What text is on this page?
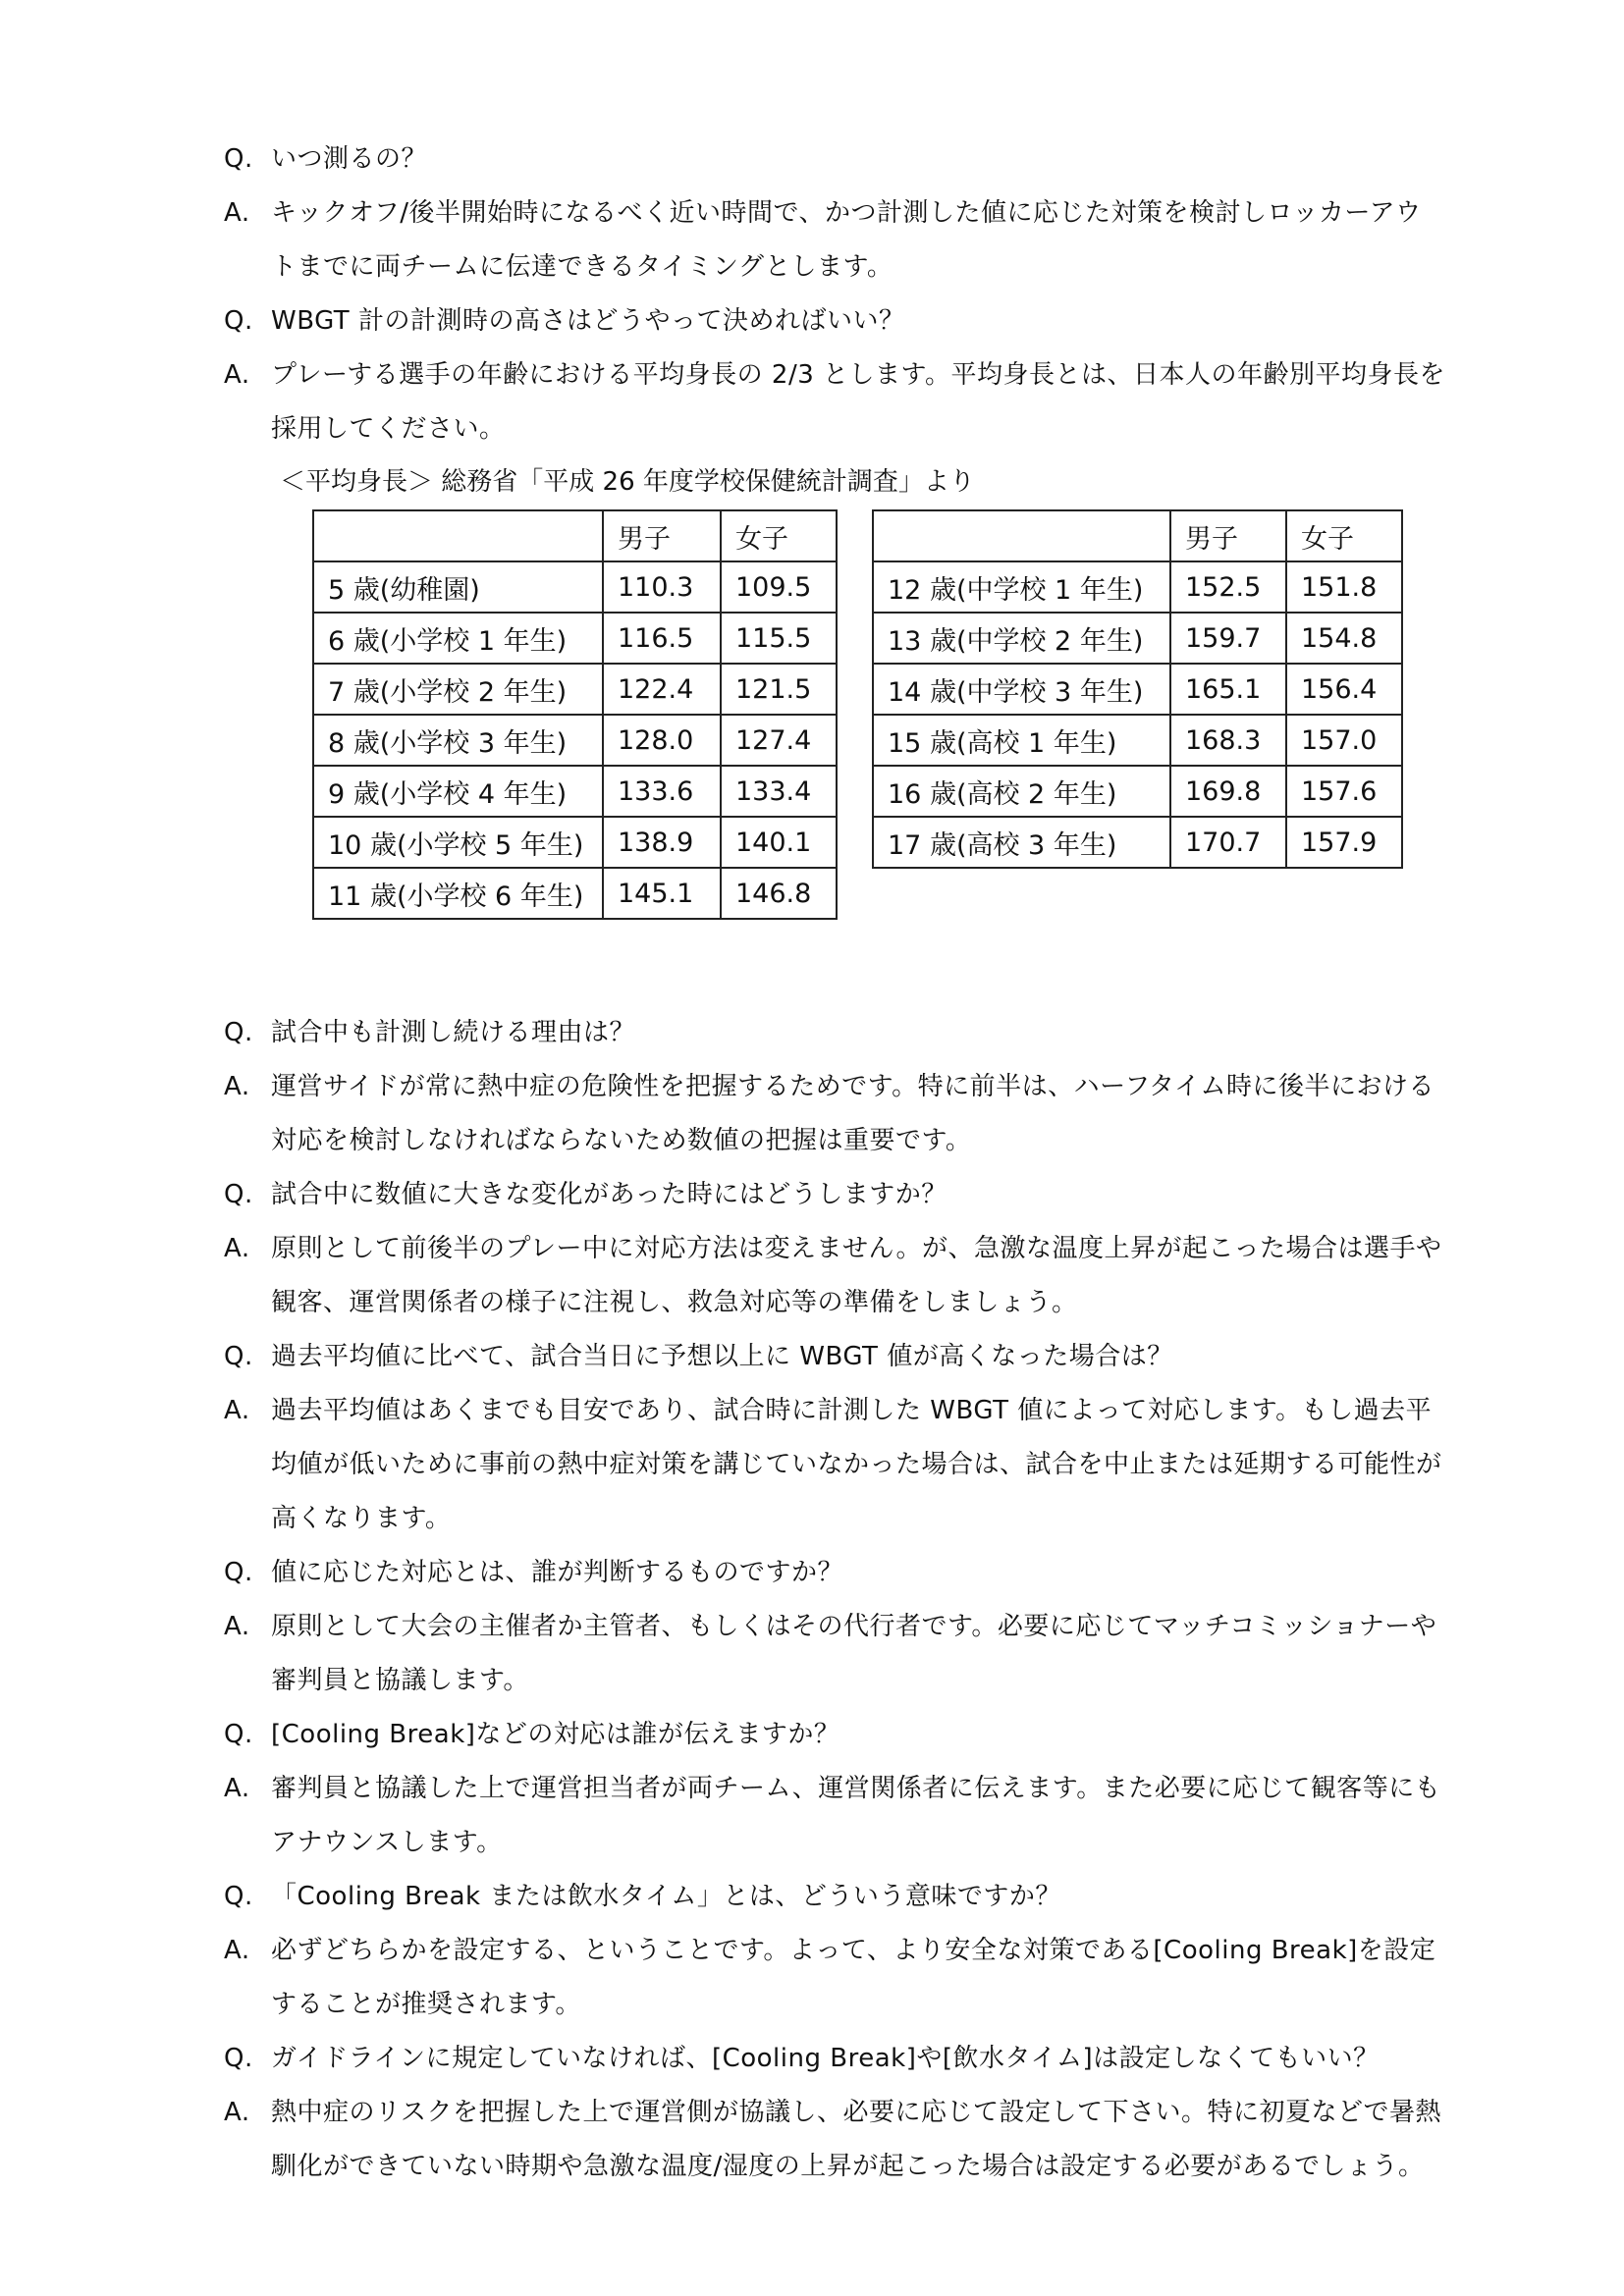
Q. いつ測るの？
A. キックオフ/後半開始時になるべく近い時間で、かつ計測した値に応じた対策を検討しロッカーアウ
トまでに両チームに伝達できるタイミングとします。
Q. WBGT 計の計測時の高さはどうやって決めればいい？
A. プレーする選手の年齢における平均身長の 2/3 とします。平均身長とは、日本人の年齢別平均身長を
採用してください。
＜平均身長＞ 総務省「平成 26 年度学校保健統計調査」より
	男子	女子
5 歳(幼稚園)	110.3	109.5
6 歳(小学校 1 年生)	116.5	115.5
7 歳(小学校 2 年生)	122.4	121.5
8 歳(小学校 3 年生)	128.0	127.4
9 歳(小学校 4 年生)	133.6	133.4
10 歳(小学校 5 年生)	138.9	140.1
11 歳(小学校 6 年生)	145.1	146.8
	男子	女子
12 歳(中学校 1 年生)	152.5	151.8
13 歳(中学校 2 年生)	159.7	154.8
14 歳(中学校 3 年生)	165.1	156.4
15 歳(高校 1 年生)	168.3	157.0
16 歳(高校 2 年生)	169.8	157.6
17 歳(高校 3 年生)	170.7	157.9
Q. 試合中も計測し続ける理由は？
A. 運営サイドが常に熱中症の危険性を把握するためです。特に前半は、ハーフタイム時に後半における
対応を検討しなければならないため数値の把握は重要です。
Q. 試合中に数値に大きな変化があった時にはどうしますか？
A. 原則として前後半のプレー中に対応方法は変えません。が、急激な温度上昇が起こった場合は選手や
観客、運営関係者の様子に注視し、救急対応等の準備をしましょう。
Q. 過去平均値に比べて、試合当日に予想以上に WBGT 値が高くなった場合は？
A. 過去平均値はあくまでも目安であり、試合時に計測した WBGT 値によって対応します。もし過去平
均値が低いために事前の熱中症対策を講じていなかった場合は、試合を中止または延期する可能性が
高くなります。
Q. 値に応じた対応とは、誰が判断するものですか？
A. 原則として大会の主催者か主管者、もしくはその代行者です。必要に応じてマッチコミッショナーや
審判員と協議します。
Q. [Cooling Break]などの対応は誰が伝えますか？
A. 審判員と協議した上で運営担当者が両チーム、運営関係者に伝えます。また必要に応じて観客等にも
アナウンスします。
Q. 「Cooling Break または飲水タイム」とは、どういう意味ですか？
A. 必ずどちらかを設定する、ということです。よって、より安全な対策である[Cooling Break]を設定
することが推奨されます。
Q. ガイドラインに規定していなければ、[Cooling Break]や[飲水タイム]は設定しなくてもいい？
A. 熱中症のリスクを把握した上で運営側が協議し、必要に応じて設定して下さい。特に初夏などで暑熱
馴化ができていない時期や急激な温度/湿度の上昇が起こった場合は設定する必要があるでしょう。
